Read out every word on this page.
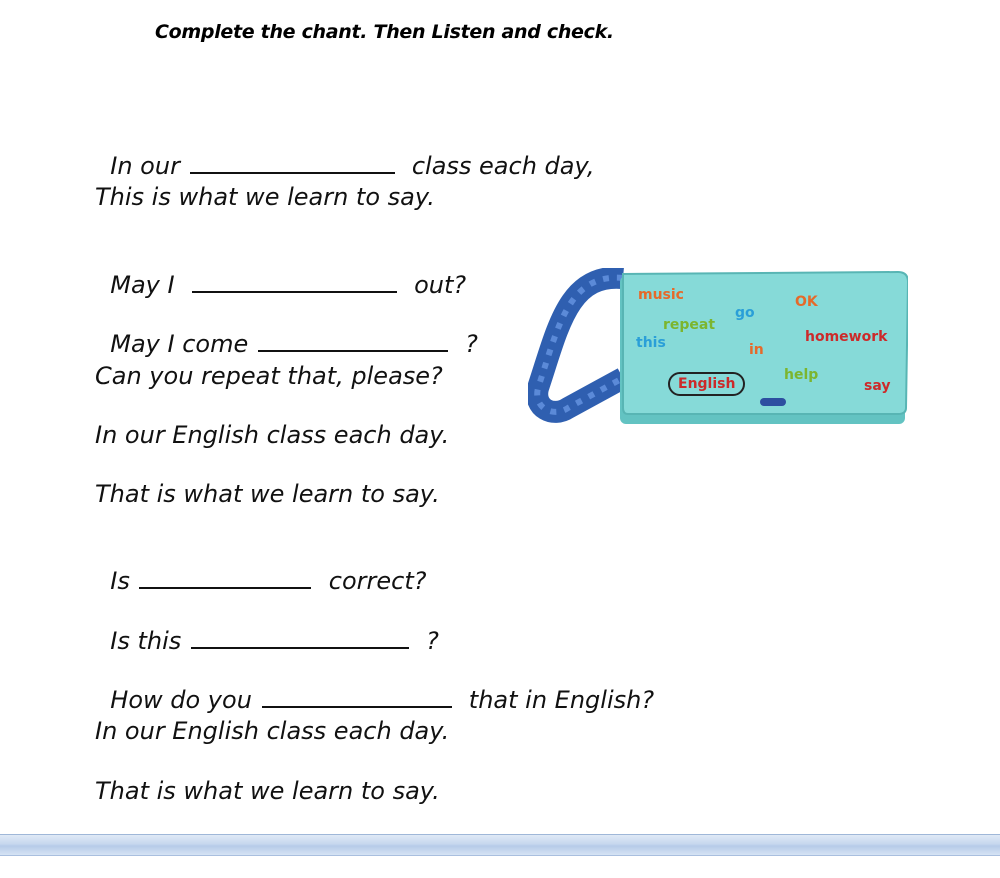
Complete the chant. Then Listen and check.

In our	class each day,

This is what we learn to say.

May I	out?

May I come	?

Can you repeat that, please?
In our English class each day.
That is what we learn to say.

Is	correct?

Is this	?

How do you	that in English?

In our English class each day.
That is what we learn to say.
music	OK
go
repeat
this	in
homework
English
help
say
